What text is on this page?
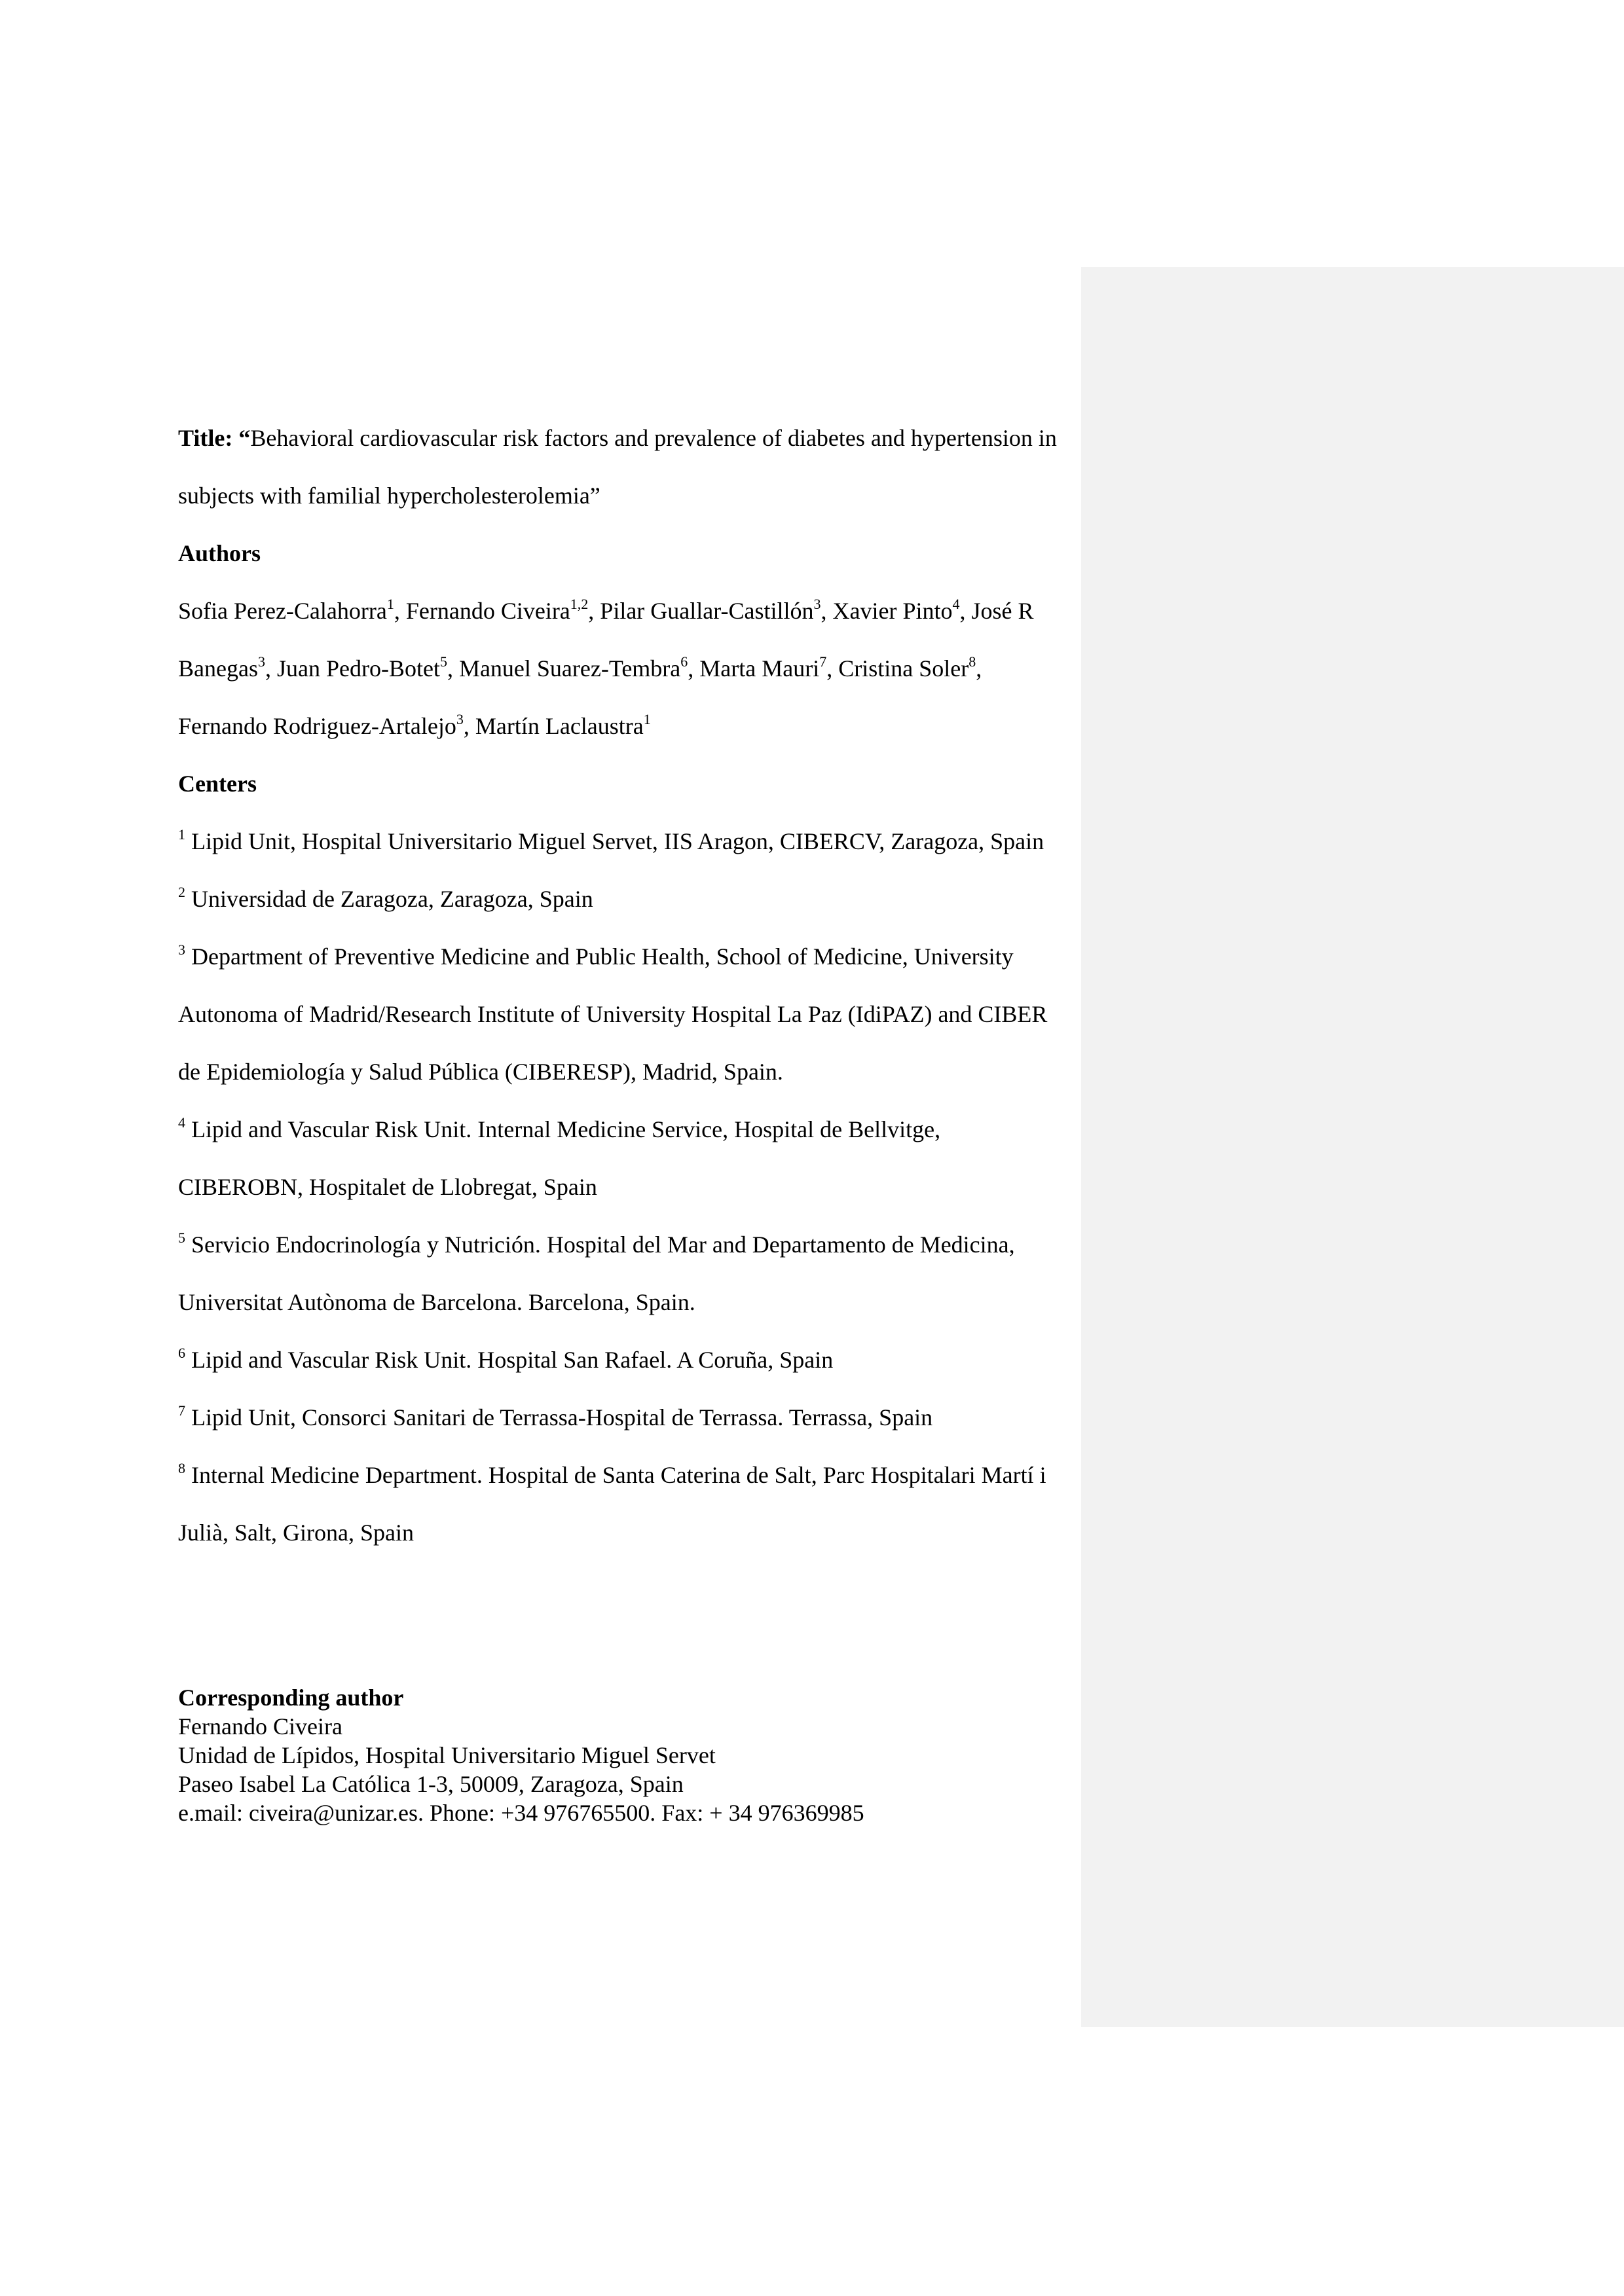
Title: “Behavioral cardiovascular risk factors and prevalence of diabetes and hypertension in subjects with familial hypercholesterolemia”

Authors

Sofia Perez-Calahorra$^1$, Fernando Civeira$^{1,2}$, Pilar Guallar-Castillón$^3$, Xavier Pinto$^4$, José R Banegas$^3$, Juan Pedro-Botet$^5$, Manuel Suarez-Tembra$^6$, Marta Mauri$^7$, Cristina Soler$^8$, Fernando Rodriguez-Artalejo$^3$, Martín Laclaustra$^1$

Centers

$^1$ Lipid Unit, Hospital Universitario Miguel Servet, IIS Aragon, CIBERCV, Zaragoza, Spain

$^2$ Universidad de Zaragoza, Zaragoza, Spain

$^3$ Department of Preventive Medicine and Public Health, School of Medicine, University Autonoma of Madrid/Research Institute of University Hospital La Paz (IdiPAZ) and CIBER de Epidemiología y Salud Pública (CIBERESP), Madrid, Spain.

$^4$ Lipid and Vascular Risk Unit. Internal Medicine Service, Hospital de Bellvitge, CIBEROBN, Hospitalet de Llobregat, Spain

$^5$ Servicio Endocrinología y Nutrición. Hospital del Mar and Departamento de Medicina, Universitat Autònoma de Barcelona. Barcelona, Spain.

$^6$ Lipid and Vascular Risk Unit. Hospital San Rafael. A Coruña, Spain

$^7$ Lipid Unit, Consorci Sanitari de Terrassa-Hospital de Terrassa. Terrassa, Spain

$^8$ Internal Medicine Department. Hospital de Santa Caterina de Salt, Parc Hospitalari Martí i Julià, Salt, Girona, Spain

Corresponding author

Fernando Civeira

Unidad de Lípidos, Hospital Universitario Miguel Servet

Paseo Isabel La Católica 1-3, 50009, Zaragoza, Spain

e.mail: civeira@unizar.es. Phone: +34 976765500. Fax: + 34 976369985
